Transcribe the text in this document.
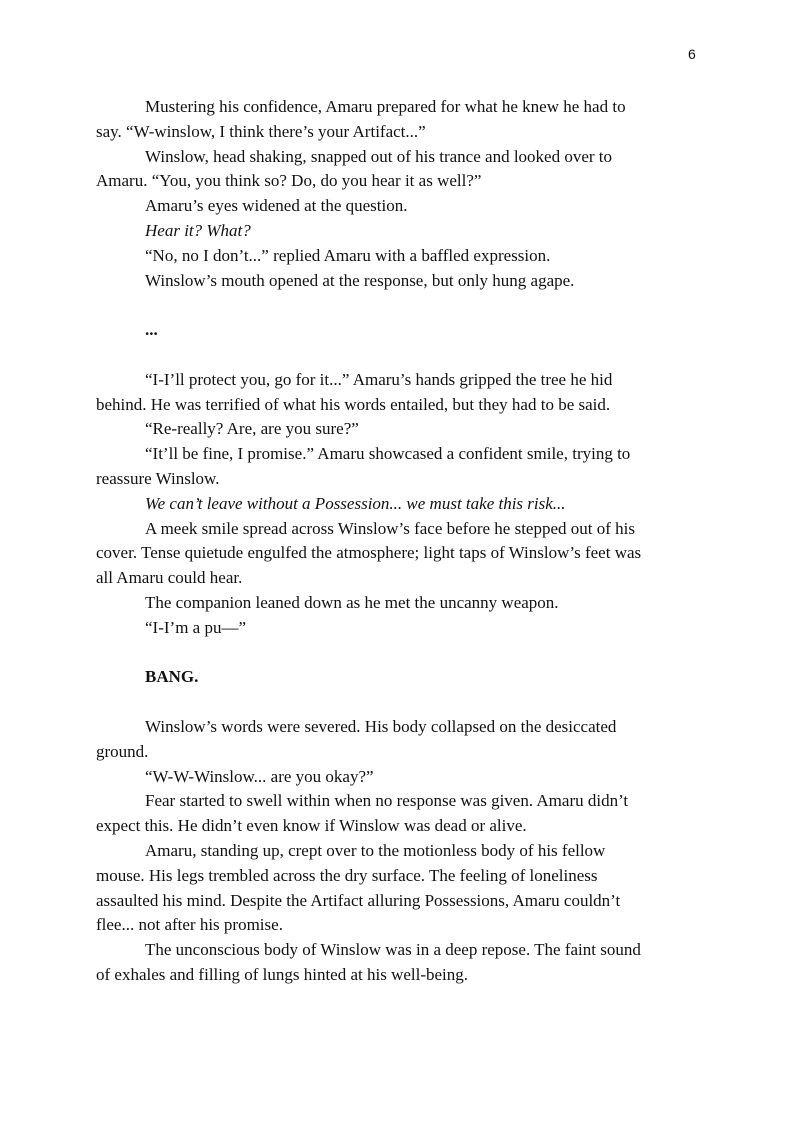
6

Mustering his confidence, Amaru prepared for what he knew he had to

say. “W-winslow, I think there’s your Artifact...”

Winslow, head shaking, snapped out of his trance and looked over to

Amaru. “You, you think so? Do, do you hear it as well?”

Amaru’s eyes widened at the question.

Hear it? What?

“No, no I don’t...” replied Amaru with a baffled expression.

Winslow’s mouth opened at the response, but only hung agape.

...

“I-I’ll protect you, go for it...” Amaru’s hands gripped the tree he hid

behind. He was terrified of what his words entailed, but they had to be said.

“Re-really? Are, are you sure?”

“It’ll be fine, I promise.” Amaru showcased a confident smile, trying to

reassure Winslow.

We can’t leave without a Possession... we must take this risk...

A meek smile spread across Winslow’s face before he stepped out of his

cover. Tense quietude engulfed the atmosphere; light taps of Winslow’s feet was

all Amaru could hear.

The companion leaned down as he met the uncanny weapon.

“I-I’m a pu—”

BANG.

Winslow’s words were severed. His body collapsed on the desiccated

ground.

“W-W-Winslow... are you okay?”

Fear started to swell within when no response was given. Amaru didn’t

expect this. He didn’t even know if Winslow was dead or alive.

Amaru, standing up, crept over to the motionless body of his fellow

mouse. His legs trembled across the dry surface. The feeling of loneliness

assaulted his mind. Despite the Artifact alluring Possessions, Amaru couldn’t

flee... not after his promise.

The unconscious body of Winslow was in a deep repose. The faint sound

of exhales and filling of lungs hinted at his well-being.
